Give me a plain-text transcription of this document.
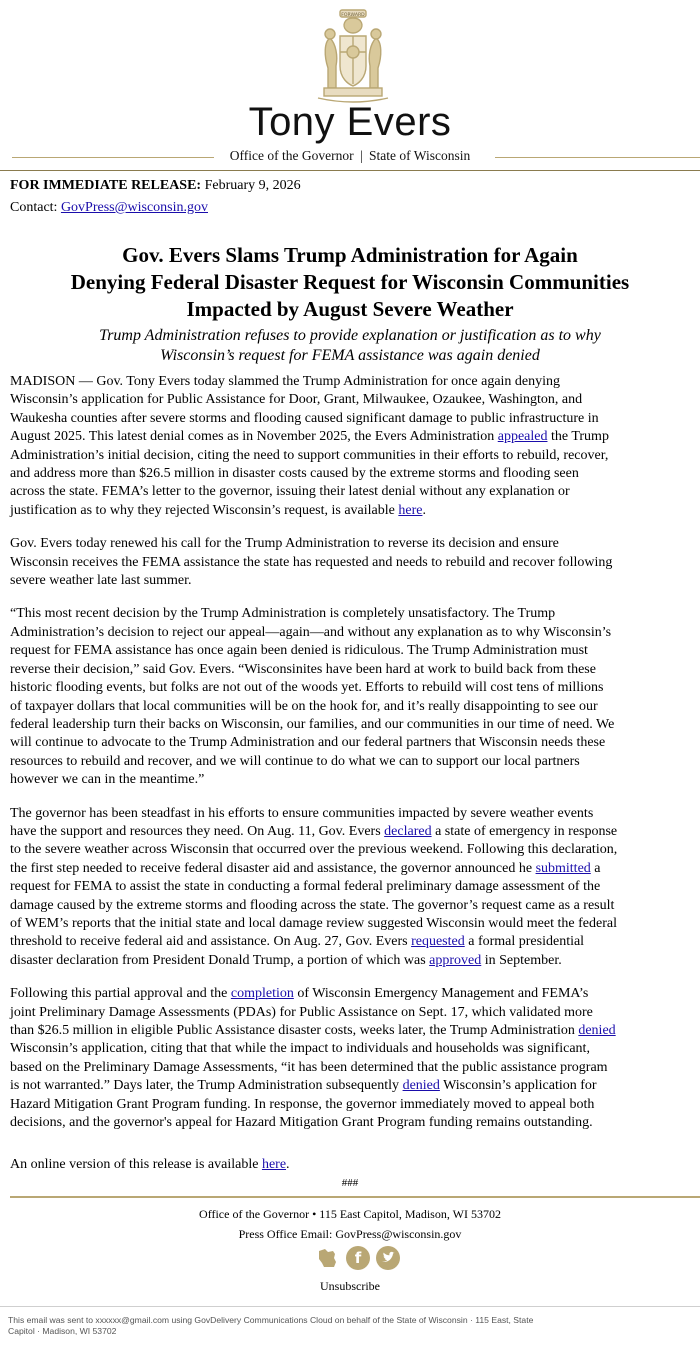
FORWARD
Tony Evers
Office of the Governor | State of Wisconsin
FOR IMMEDIATE RELEASE: February 9, 2026
Contact: GovPress@wisconsin.gov
Gov. Evers Slams Trump Administration for Again
Denying Federal Disaster Request for Wisconsin Communities
Impacted by August Severe Weather
Trump Administration refuses to provide explanation or justification as to why
Wisconsin’s request for FEMA assistance was again denied

MADISON — Gov. Tony Evers today slammed the Trump Administration for once again denying
Wisconsin’s application for Public Assistance for Door, Grant, Milwaukee, Ozaukee, Washington, and
Waukesha counties after severe storms and flooding caused significant damage to public infrastructure in
August 2025. This latest denial comes as in November 2025, the Evers Administration appealed the Trump
Administration’s initial decision, citing the need to support communities in their efforts to rebuild, recover,
and address more than $26.5 million in disaster costs caused by the extreme storms and flooding seen
across the state. FEMA’s letter to the governor, issuing their latest denial without any explanation or
justification as to why they rejected Wisconsin’s request, is available here.

Gov. Evers today renewed his call for the Trump Administration to reverse its decision and ensure
Wisconsin receives the FEMA assistance the state has requested and needs to rebuild and recover following
severe weather late last summer.

“This most recent decision by the Trump Administration is completely unsatisfactory. The Trump
Administration’s decision to reject our appeal—again—and without any explanation as to why Wisconsin’s
request for FEMA assistance has once again been denied is ridiculous. The Trump Administration must
reverse their decision,” said Gov. Evers. “Wisconsinites have been hard at work to build back from these
historic flooding events, but folks are not out of the woods yet. Efforts to rebuild will cost tens of millions
of taxpayer dollars that local communities will be on the hook for, and it’s really disappointing to see our
federal leadership turn their backs on Wisconsin, our families, and our communities in our time of need. We
will continue to advocate to the Trump Administration and our federal partners that Wisconsin needs these
resources to rebuild and recover, and we will continue to do what we can to support our local partners
however we can in the meantime.”

The governor has been steadfast in his efforts to ensure communities impacted by severe weather events
have the support and resources they need. On Aug. 11, Gov. Evers declared a state of emergency in response
to the severe weather across Wisconsin that occurred over the previous weekend. Following this declaration,
the first step needed to receive federal disaster aid and assistance, the governor announced he submitted a
request for FEMA to assist the state in conducting a formal federal preliminary damage assessment of the
damage caused by the extreme storms and flooding across the state. The governor’s request came as a result
of WEM’s reports that the initial state and local damage review suggested Wisconsin would meet the federal
threshold to receive federal aid and assistance. On Aug. 27, Gov. Evers requested a formal presidential
disaster declaration from President Donald Trump, a portion of which was approved in September.

Following this partial approval and the completion of Wisconsin Emergency Management and FEMA’s
joint Preliminary Damage Assessments (PDAs) for Public Assistance on Sept. 17, which validated more
than $26.5 million in eligible Public Assistance disaster costs, weeks later, the Trump Administration denied
Wisconsin’s application, citing that that while the impact to individuals and households was significant,
based on the Preliminary Damage Assessments, “it has been determined that the public assistance program
is not warranted.” Days later, the Trump Administration subsequently denied Wisconsin’s application for
Hazard Mitigation Grant Program funding. In response, the governor immediately moved to appeal both
decisions, and the governor's appeal for Hazard Mitigation Grant Program funding remains outstanding.

An online version of this release is available here.

###
Office of the Governor • 115 East Capitol, Madison, WI 53702
Press Office Email: GovPress@wisconsin.gov
f
Unsubscribe
This email was sent to xxxxxx@gmail.com using GovDelivery Communications Cloud on behalf of the State of Wisconsin · 115 East, State
Capitol · Madison, WI 53702
